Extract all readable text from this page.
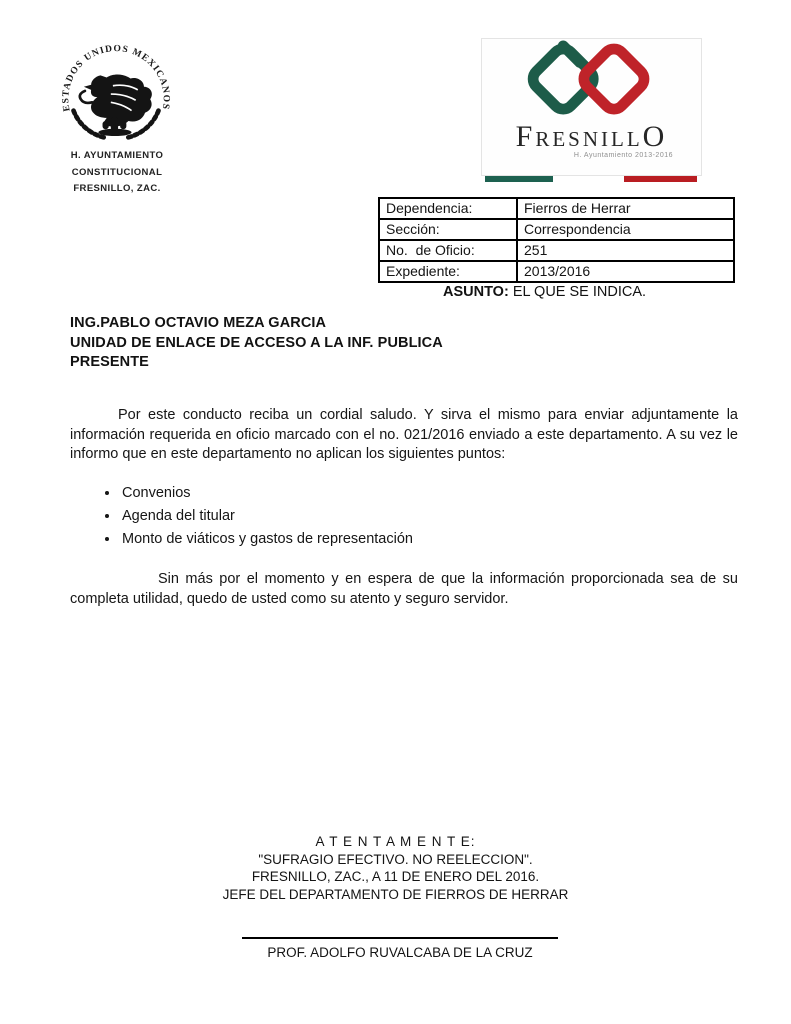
ESTADOS UNIDOS MEXICANOS
H. AYUNTAMIENTO
CONSTITUCIONAL
FRESNILLO, ZAC.
FRESNILLO
H. Ayuntamiento 2013-2016
Dependencia:	Fierros de Herrar
Sección:	Correspondencia
No.  de Oficio:	251
Expediente:	2013/2016
ASUNTO: EL QUE SE INDICA.
ING.PABLO OCTAVIO MEZA GARCIA
UNIDAD DE ENLACE DE ACCESO A LA INF. PUBLICA
PRESENTE
Por este conducto reciba un cordial saludo. Y sirva el mismo para enviar adjuntamente la información requerida en oficio marcado con el no. 021/2016 enviado a este departamento. A su vez le informo que en este departamento no aplican los siguientes puntos:
• Convenios
• Agenda del titular
• Monto de viáticos y gastos de representación
Sin más por el momento y en espera de que la información proporcionada sea de su completa utilidad, quedo de usted como su atento y seguro servidor.
A T E N T A M E N T E:
"SUFRAGIO EFECTIVO. NO REELECCION".
FRESNILLO, ZAC., A 11 DE ENERO DEL 2016.
JEFE DEL DEPARTAMENTO DE FIERROS DE HERRAR
PROF. ADOLFO RUVALCABA DE LA CRUZ
